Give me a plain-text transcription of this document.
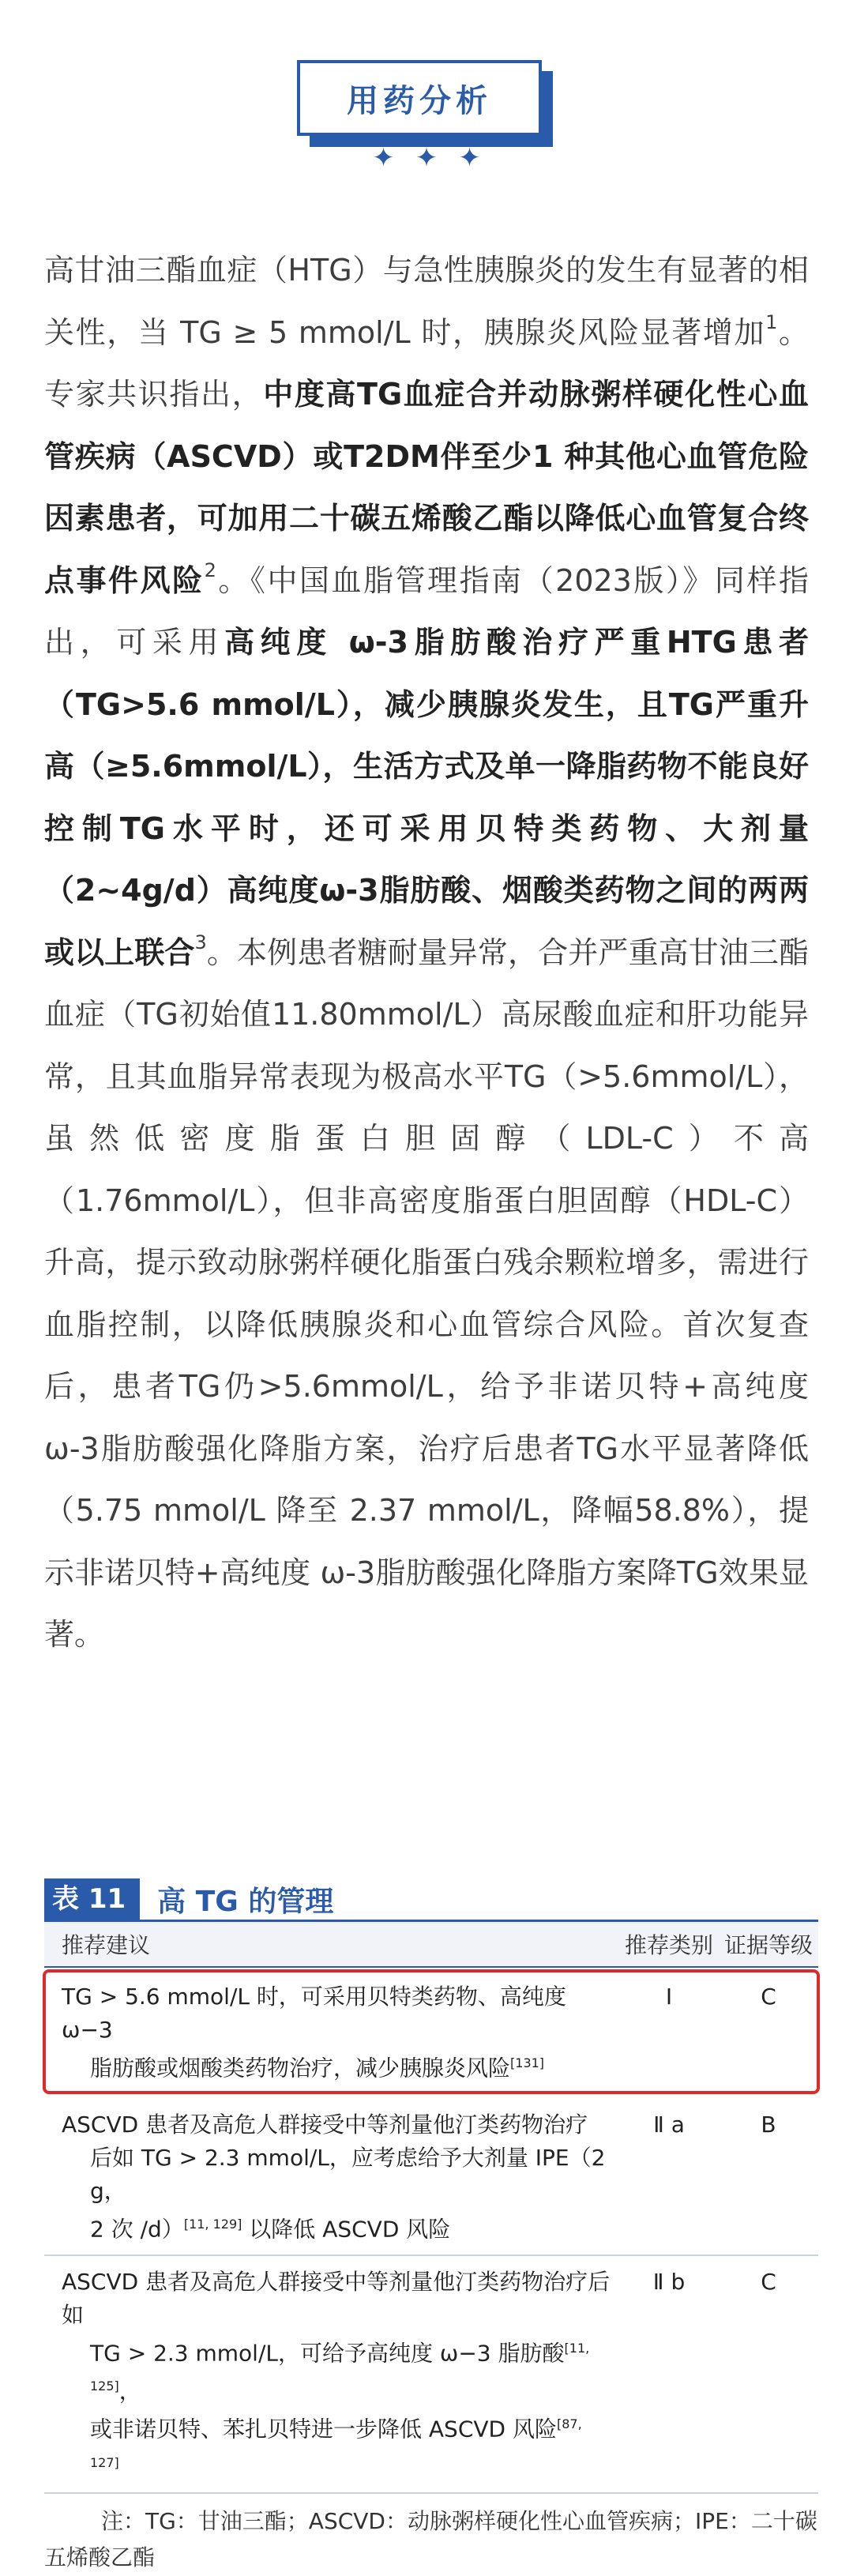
用药分析
✦ ✦ ✦

高甘油三酯血症（HTG）与急性胰腺炎的发生有显著的相关性，当 TG ≥ 5 mmol/L 时，胰腺炎风险显著增加$^1$。专家共识指出，中度高TG血症合并动脉粥样硬化性心血管疾病（ASCVD）或T2DM伴至少1 种其他心血管危险因素患者，可加用二十碳五烯酸乙酯以降低心血管复合终点事件风险$^2$。《中国血脂管理指南（2023版）》同样指出，可采用高纯度 ω-3脂肪酸治疗严重HTG患者（TG>5.6 mmol/L），减少胰腺炎发生，且TG严重升高（≥5.6mmol/L），生活方式及单一降脂药物不能良好控制TG水平时，还可采用贝特类药物、大剂量（2~4g/d）高纯度ω-3脂肪酸、烟酸类药物之间的两两或以上联合$^3$。本例患者糖耐量异常，合并严重高甘油三酯血症（TG初始值11.80mmol/L）高尿酸血症和肝功能异常，且其血脂异常表现为极高水平TG（>5.6mmol/L），虽然低密度脂蛋白胆固醇（LDL-C）不高（1.76mmol/L），但非高密度脂蛋白胆固醇（HDL-C）升高，提示致动脉粥样硬化脂蛋白残余颗粒增多，需进行血脂控制，以降低胰腺炎和心血管综合风险。首次复查后，患者TG仍>5.6mmol/L，给予非诺贝特+高纯度 ω-3脂肪酸强化降脂方案，治疗后患者TG水平显著降低（5.75 mmol/L 降至 2.37 mmol/L，降幅58.8%），提示非诺贝特+高纯度 ω-3脂肪酸强化降脂方案降TG效果显著。

表 11	高 TG 的管理
推荐建议	推荐类别 证据等级
TG > 5.6 mmol/L 时，可采用贝特类药物、高纯度 ω−3
脂肪酸或烟酸类药物治疗，减少胰腺炎风险[131]
Ⅰ	C
ASCVD 患者及高危人群接受中等剂量他汀类药物治疗
后如 TG > 2.3 mmol/L，应考虑给予大剂量 IPE（2 g，
2 次 /d）[11, 129] 以降低 ASCVD 风险
Ⅱ a	B
ASCVD 患者及高危人群接受中等剂量他汀类药物治疗后如
TG > 2.3 mmol/L，可给予高纯度 ω−3 脂肪酸[11, 125]，
或非诺贝特、苯扎贝特进一步降低 ASCVD 风险[87, 127]
Ⅱ b	C
注：TG：甘油三酯；ASCVD：动脉粥样硬化性心血管疾病；IPE：二十碳五烯酸乙酯
